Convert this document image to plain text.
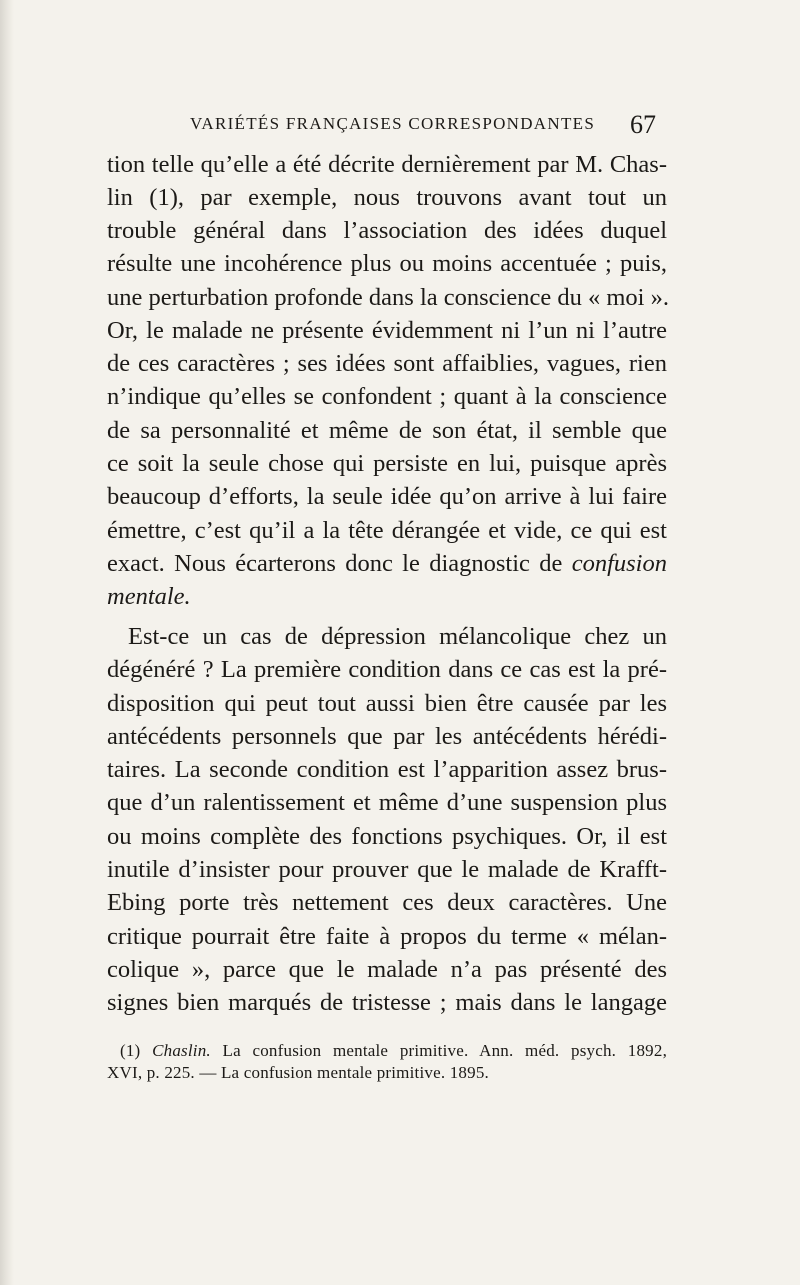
VARIÉTÉS FRANÇAISES CORRESPONDANTES 67
tion telle qu’elle a été décrite dernièrement par M. Chas-
lin (1), par exemple, nous trouvons avant tout un
trouble général dans l’association des idées duquel
résulte une incohérence plus ou moins accentuée ; puis,
une perturbation profonde dans la conscience du « moi ».
Or, le malade ne présente évidemment ni l’un ni l’autre
de ces caractères ; ses idées sont affaiblies, vagues, rien
n’indique qu’elles se confondent ; quant à la conscience
de sa personnalité et même de son état, il semble que
ce soit la seule chose qui persiste en lui, puisque après
beaucoup d’efforts, la seule idée qu’on arrive à lui faire
émettre, c’est qu’il a la tête dérangée et vide, ce qui est
exact. Nous écarterons donc le diagnostic de confusion
mentale.
Est-ce un cas de dépression mélancolique chez un
dégénéré ? La première condition dans ce cas est la pré-
disposition qui peut tout aussi bien être causée par les
antécédents personnels que par les antécédents hérédi-
taires. La seconde condition est l’apparition assez brus-
que d’un ralentissement et même d’une suspension plus
ou moins complète des fonctions psychiques. Or, il est
inutile d’insister pour prouver que le malade de Krafft-
Ebing porte très nettement ces deux caractères. Une
critique pourrait être faite à propos du terme « mélan-
colique », parce que le malade n’a pas présenté des
signes bien marqués de tristesse ; mais dans le langage
(1) Chaslin. La confusion mentale primitive. Ann. méd. psych. 1892,
XVI, p. 225. — La confusion mentale primitive. 1895.
